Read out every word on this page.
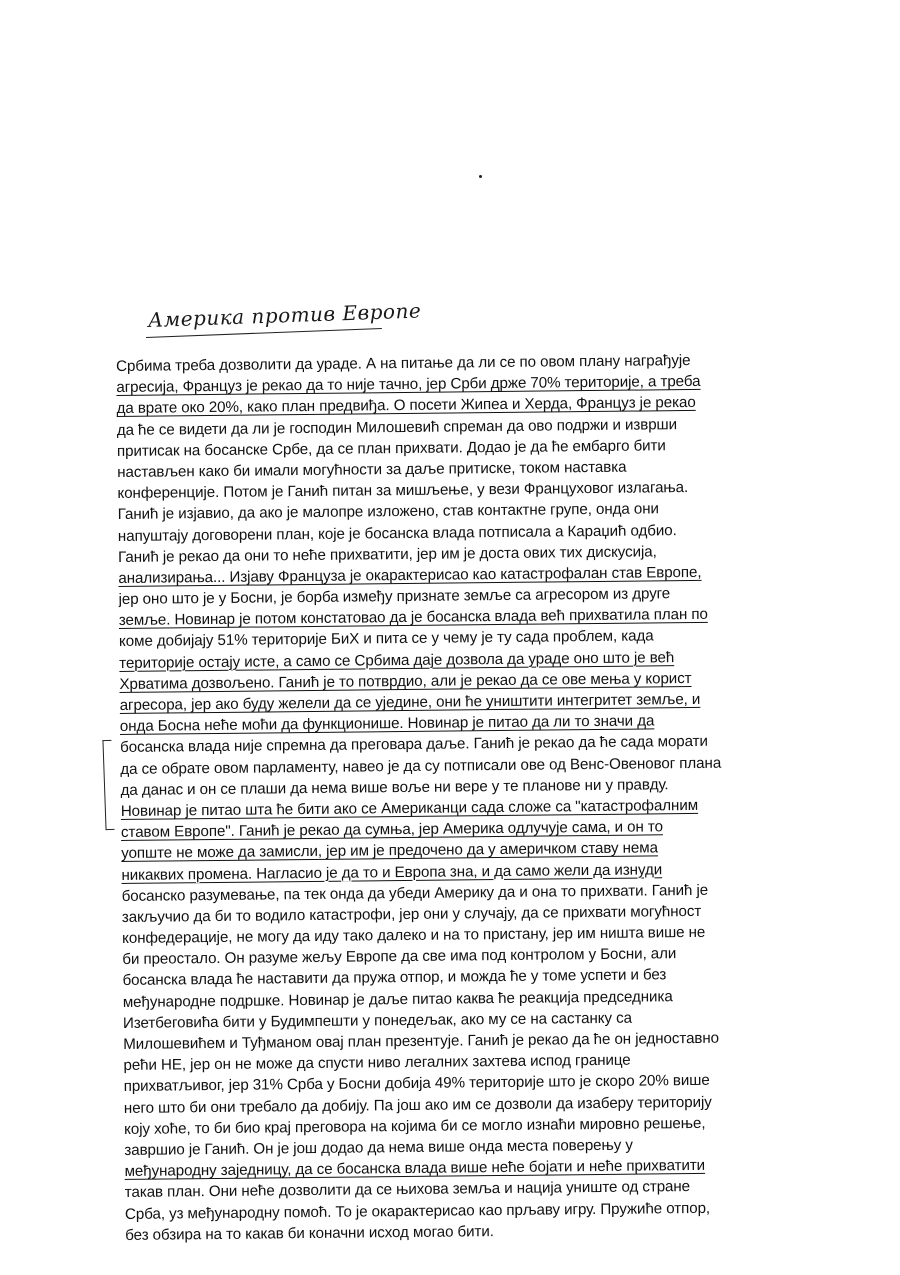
Америка против Европе
Србима треба дозволити да ураде. А на питање да ли се по овом плану награђује
агресија, Француз је рекао да то није тачно, јер Срби држе 70% територије, а треба
да врате око 20%, како план предвиђа. О посети Жипеа и Херда, Француз је рекао
да ће се видети да ли је господин Милошевић спреман да ово подржи и изврши
притисак на босанске Србе, да се план прихвати. Додао је да ће ембарго бити
настављен како би имали могућности за даље притиске, током наставка
конференције. Потом је Ганић питан за мишљење, у вези Француховог излагања.
Ганић је изјавио, да ако је малопре изложено, став контактне групе, онда они
напуштају договорени план, које је босанска влада потписала а Караџић одбио.
Ганић је рекао да они то неће прихватити, јер им је доста ових тих дискусија,
анализирања... Изјаву Француза је окарактерисао као катастрофалан став Европе,
јер оно што је у Босни, је борба између признате земље са агресором из друге
земље. Новинар је потом констатовао да је босанска влада већ прихватила план по
коме добијају 51% територије БиХ и пита се у чему је ту сада проблем, када
територије остају исте, а само се Србима даје дозвола да ураде оно што је већ
Хрватима дозвољено. Ганић је то потврдио, али је рекао да се ове мења у корист
агресора, јер ако буду желели да се уједине, они ће уништити интегритет земље, и
онда Босна неће моћи да функционише. Новинар је питао да ли то значи да
босанска влада није спремна да преговара даље. Ганић је рекао да ће сада морати
да се обрате овом парламенту, навео је да су потписали ове од Венс-Овеновог плана
да данас и он се плаши да нема више воље ни вере у те планове ни у правду.
Новинар је питао шта ће бити ако се Американци сада сложе са "катастрофалним
ставом Европе". Ганић је рекао да сумња, јер Америка одлучује сама, и он то
уопште не може да замисли, јер им је предочено да у америчком ставу нема
никаквих промена. Нагласио је да то и Европа зна, и да само жели да изнуди
босанско разумевање, па тек онда да убеди Америку да и она то прихвати. Ганић је
закључио да би то водило катастрофи, јер они у случају, да се прихвати могућност
конфедерације, не могу да иду тако далеко и на то пристану, јер им ништа више не
би преостало. Он разуме жељу Европе да све има под контролом у Босни, али
босанска влада ће наставити да пружа отпор, и можда ће у томе успети и без
међународне подршке. Новинар је даље питао каква ће реакција председника
Изетбеговића бити у Будимпешти у понедељак, ако му се на састанку са
Милошевићем и Туђманом овај план презентује. Ганић је рекао да ће он једноставно
рећи НЕ, јер он не може да спусти ниво легалних захтева испод границе
прихватљивог, јер 31% Срба у Босни добија 49% територије што је скоро 20% више
него што би они требало да добију. Па још ако им се дозволи да изаберу територију
коју хоће, то би био крај преговора на којима би се могло изнаћи мировно решење,
завршио је Ганић. Он је још додао да нема више онда места поверењу у
међународну заједницу, да се босанска влада више неће бојати и неће прихватити
такав план. Они неће дозволити да се њихова земља и нација униште од стране
Срба, уз међународну помоћ. То је окарактерисао као прљаву игру. Пружиће отпор,
без обзира на то какав би коначни исход могао бити.
